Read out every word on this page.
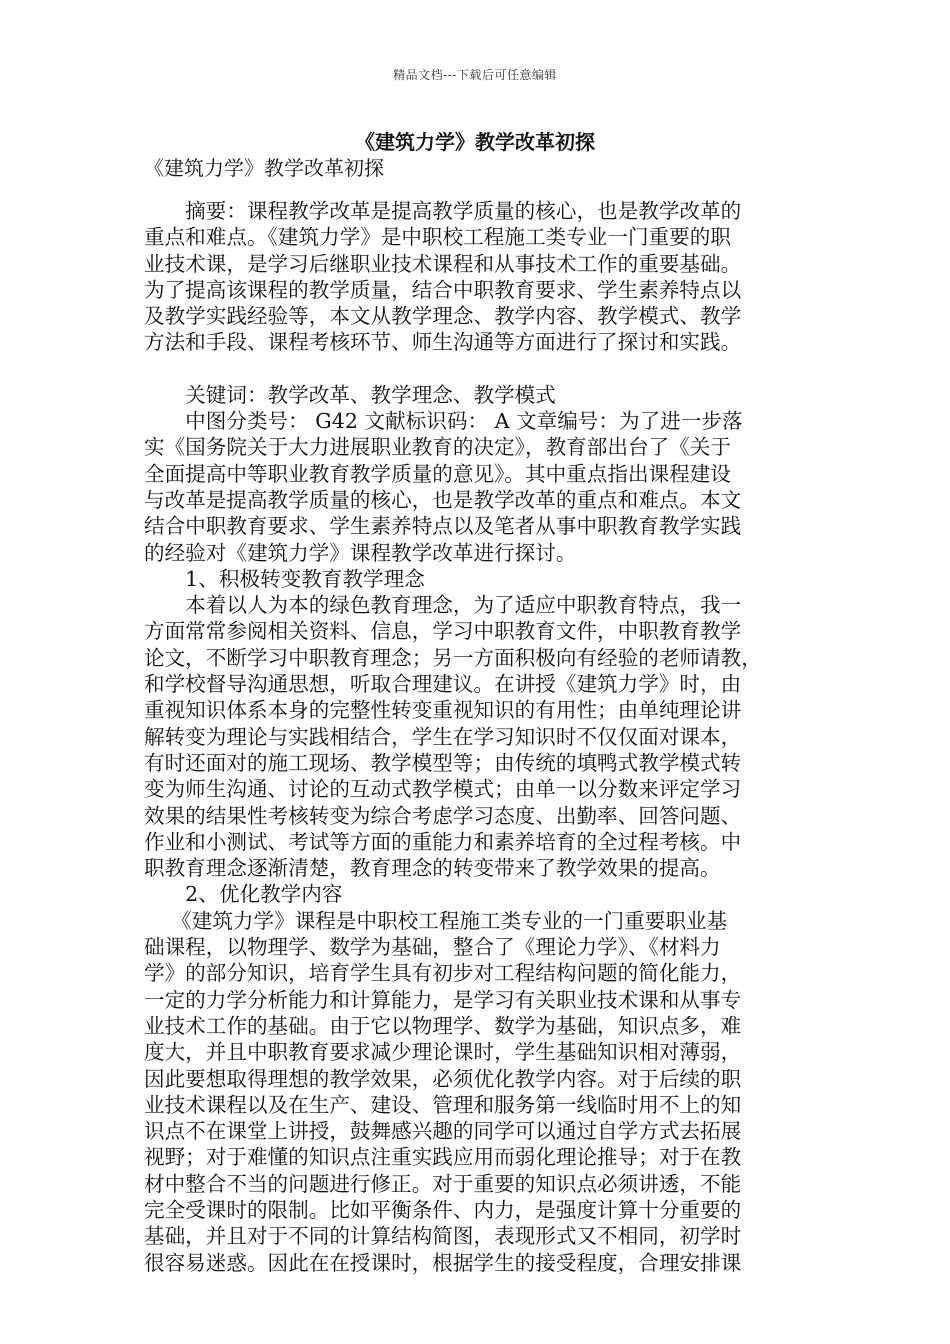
精品文档---下载后可任意编辑
《建筑力学》教学改革初探
《建筑力学》教学改革初探
　　摘要：课程教学改革是提高教学质量的核心，也是教学改革的
重点和难点。《建筑力学》是中职校工程施工类专业一门重要的职
业技术课，是学习后继职业技术课程和从事技术工作的重要基础。
为了提高该课程的教学质量，结合中职教育要求、学生素养特点以
及教学实践经验等，本文从教学理念、教学内容、教学模式、教学
方法和手段、课程考核环节、师生沟通等方面进行了探讨和实践。
　　关键词：教学改革、教学理念、教学模式
　　中图分类号： G42 文献标识码： A 文章编号：为了进一步落
实《国务院关于大力进展职业教育的决定》，教育部出台了《关于
全面提高中等职业教育教学质量的意见》。其中重点指出课程建设
与改革是提高教学质量的核心，也是教学改革的重点和难点。本文
结合中职教育要求、学生素养特点以及笔者从事中职教育教学实践
的经验对《建筑力学》课程教学改革进行探讨。
　　1、积极转变教育教学理念
　　本着以人为本的绿色教育理念，为了适应中职教育特点，我一
方面常常参阅相关资料、信息，学习中职教育文件，中职教育教学
论文，不断学习中职教育理念；另一方面积极向有经验的老师请教，
和学校督导沟通思想，听取合理建议。在讲授《建筑力学》时，由
重视知识体系本身的完整性转变重视知识的有用性；由单纯理论讲
解转变为理论与实践相结合，学生在学习知识时不仅仅面对课本，
有时还面对的施工现场、教学模型等；由传统的填鸭式教学模式转
变为师生沟通、讨论的互动式教学模式；由单一以分数来评定学习
效果的结果性考核转变为综合考虑学习态度、出勤率、回答问题、
作业和小测试、考试等方面的重能力和素养培育的全过程考核。中
职教育理念逐渐清楚，教育理念的转变带来了教学效果的提高。
　　2、优化教学内容
　 《建筑力学》课程是中职校工程施工类专业的一门重要职业基
础课程，以物理学、数学为基础，整合了《理论力学》、《材料力
学》的部分知识，培育学生具有初步对工程结构问题的简化能力，
一定的力学分析能力和计算能力，是学习有关职业技术课和从事专
业技术工作的基础。由于它以物理学、数学为基础，知识点多，难
度大，并且中职教育要求减少理论课时，学生基础知识相对薄弱，
因此要想取得理想的教学效果，必须优化教学内容。对于后续的职
业技术课程以及在生产、建设、管理和服务第一线临时用不上的知
识点不在课堂上讲授，鼓舞感兴趣的同学可以通过自学方式去拓展
视野；对于难懂的知识点注重实践应用而弱化理论推导；对于在教
材中整合不当的问题进行修正。对于重要的知识点必须讲透，不能
完全受课时的限制。比如平衡条件、内力，是强度计算十分重要的
基础，并且对于不同的计算结构简图，表现形式又不相同，初学时
很容易迷惑。因此在在授课时，根据学生的接受程度，合理安排课
